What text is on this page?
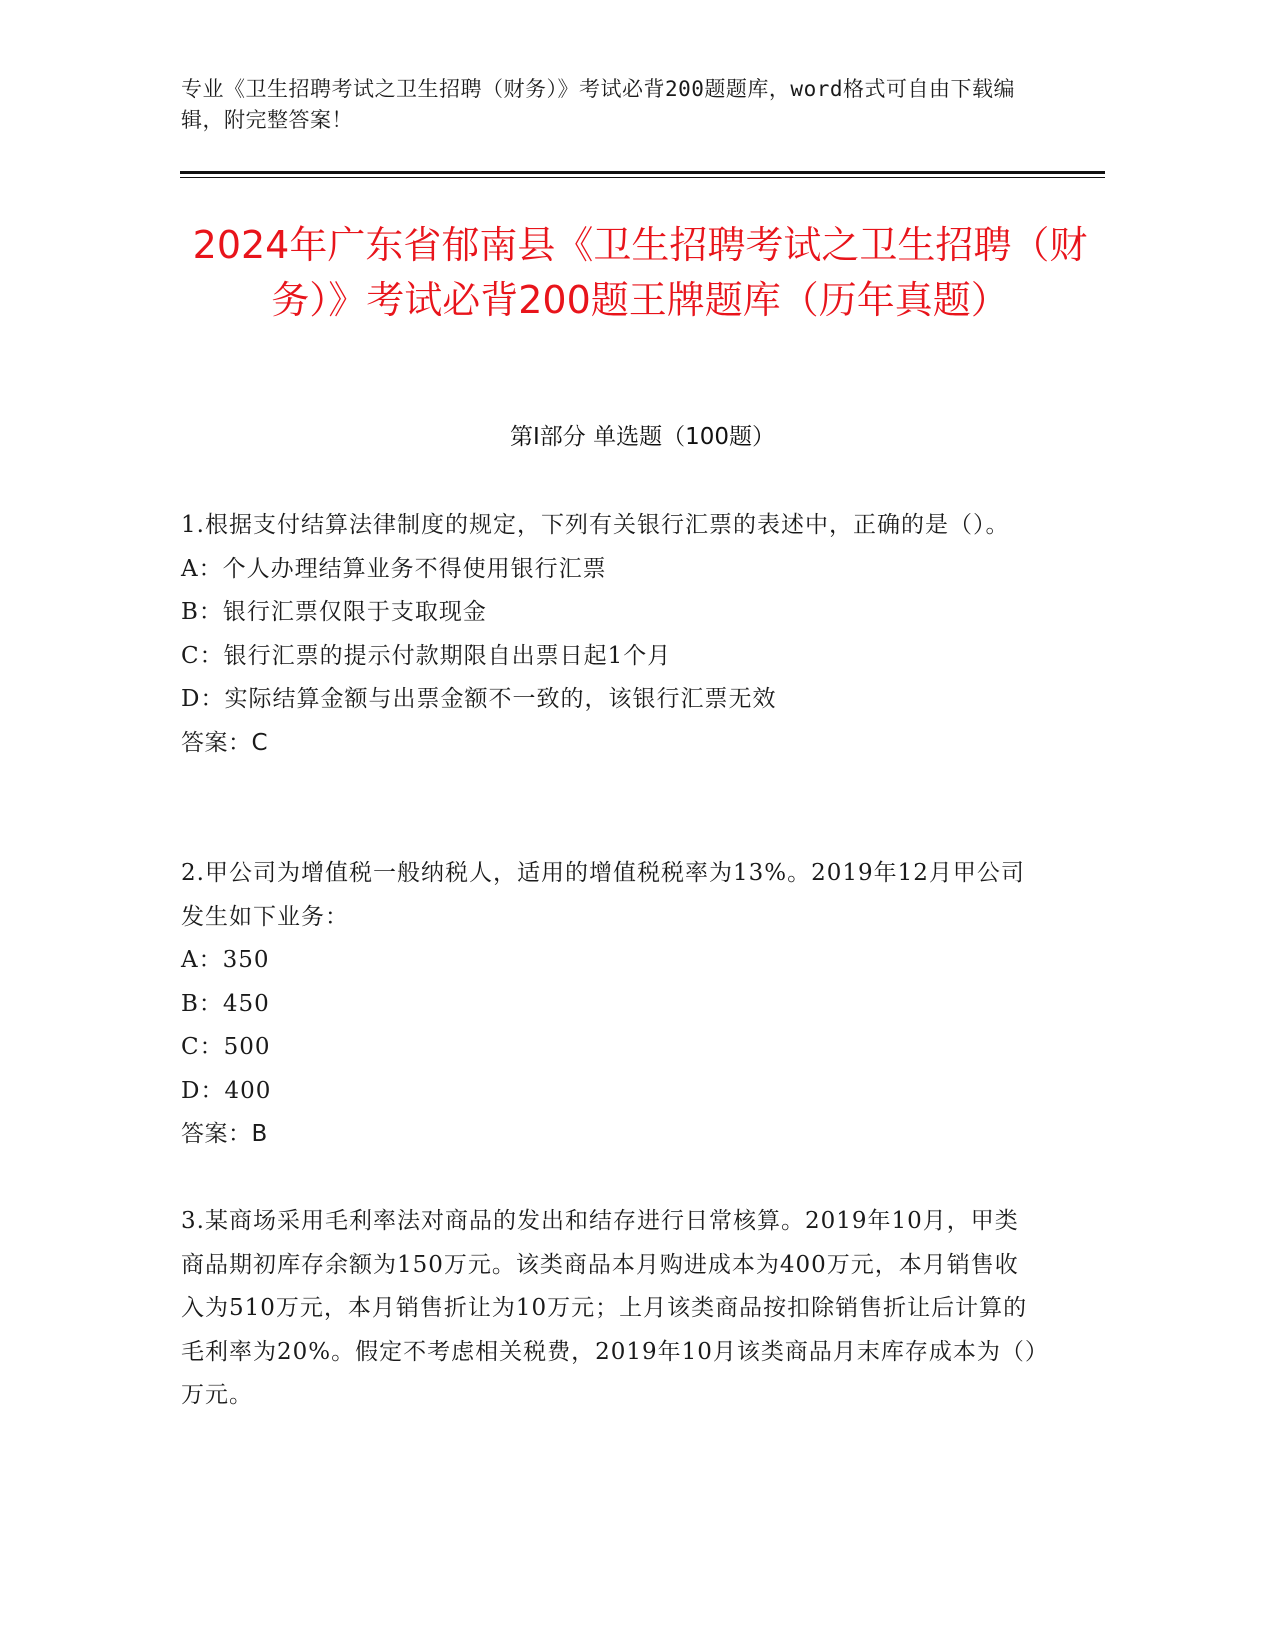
专业《卫生招聘考试之卫生招聘（财务）》考试必背200题题库，word格式可自由下载编辑，附完整答案！
2024年广东省郁南县《卫生招聘考试之卫生招聘（财务）》考试必背200题王牌题库（历年真题）
第I部分 单选题（100题）
1.根据支付结算法律制度的规定，下列有关银行汇票的表述中，正确的是（）。
A：个人办理结算业务不得使用银行汇票
B：银行汇票仅限于支取现金
C：银行汇票的提示付款期限自出票日起1个月
D：实际结算金额与出票金额不一致的，该银行汇票无效
答案：C
2.甲公司为增值税一般纳税人，适用的增值税税率为13%。2019年12月甲公司发生如下业务：
A：350
B：450
C：500
D：400
答案：B
3.某商场采用毛利率法对商品的发出和结存进行日常核算。2019年10月，甲类商品期初库存余额为150万元。该类商品本月购进成本为400万元，本月销售收入为510万元，本月销售折让为10万元；上月该类商品按扣除销售折让后计算的毛利率为20%。假定不考虑相关税费，2019年10月该类商品月末库存成本为（）万元。
